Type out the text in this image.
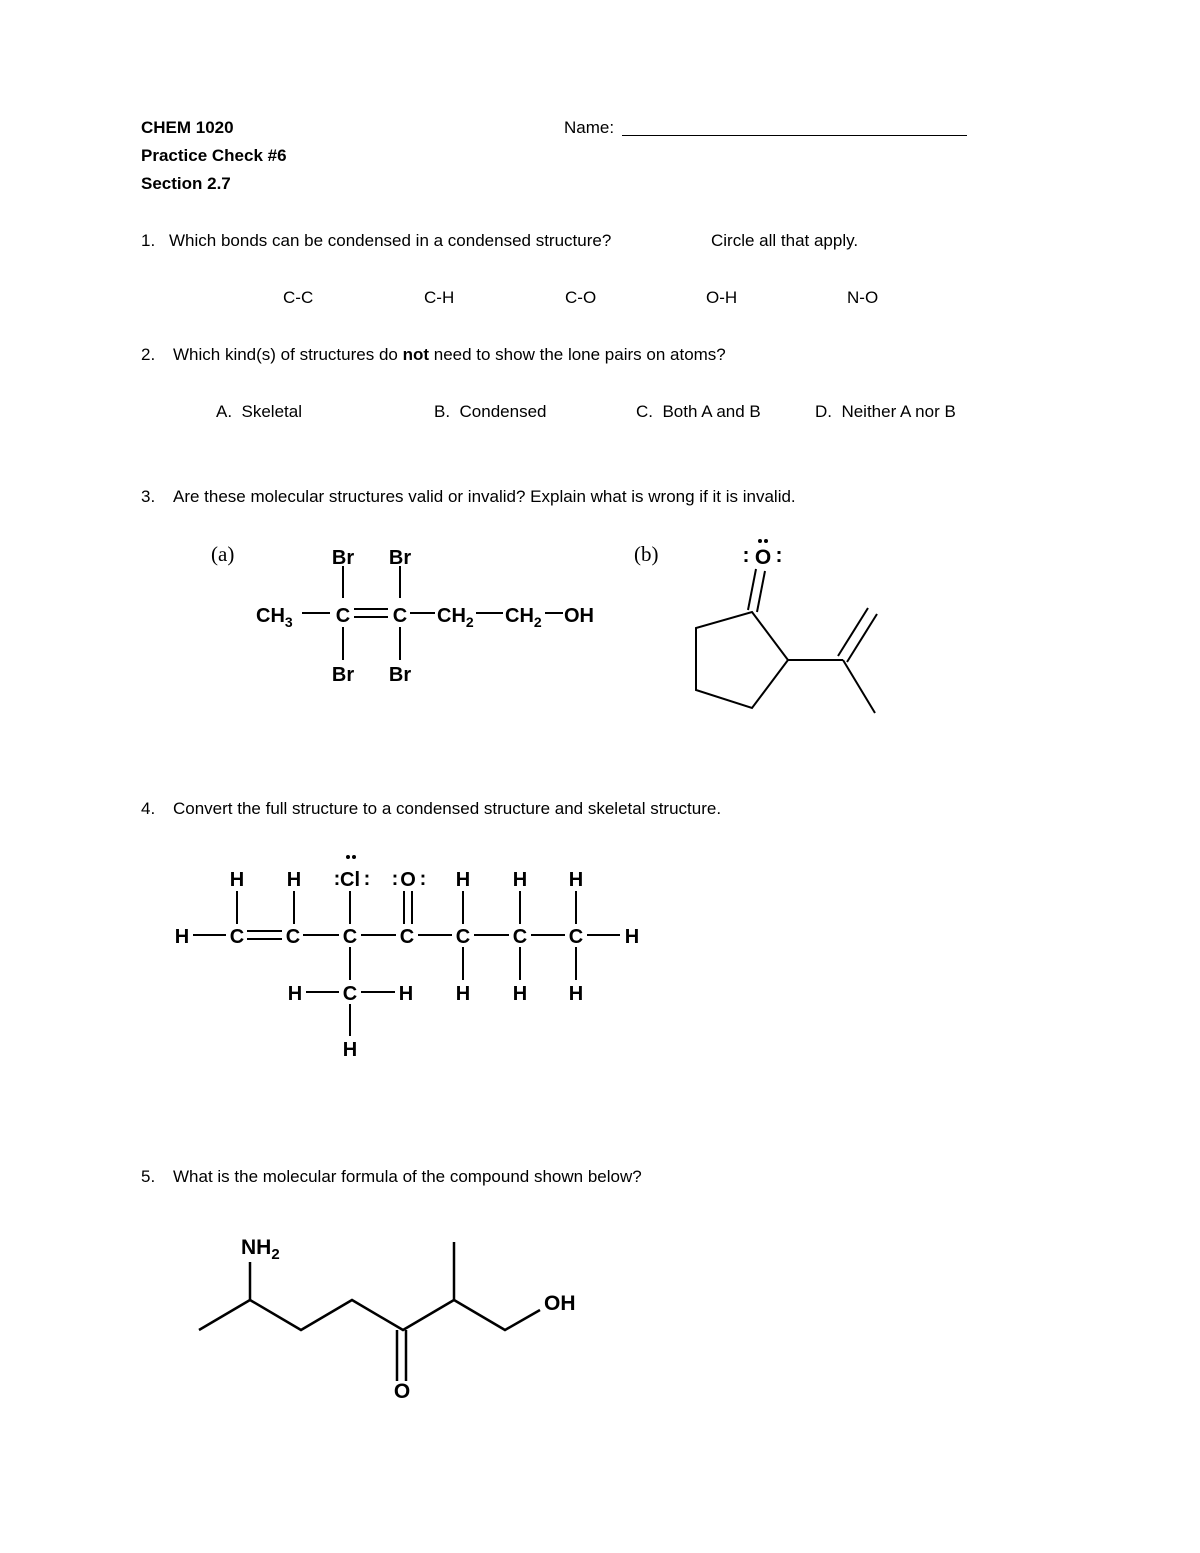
CHEM 1020
Practice Check #6
Section 2.7
Name:
1. Which bonds can be condensed in a condensed structure?	Circle all that apply.
C-C	C-H	C-O	O-H	N-O
2. Which kind(s) of structures do not need to show the lone pairs on atoms?
A. Skeletal	B. Condensed	C. Both A and B	D. Neither A nor B
3. Are these molecular structures valid or invalid? Explain what is wrong if it is invalid.
(a)	(b)
Br Br
Br Br
$CH_3$ C C $CH_2$ $CH_2$ OH
O
: :
4. Convert the full structure to a condensed structure and skeletal structure.
H H Cl
: : O
: : H H H
H C C C C C C C H
H C H H H H
H
5. What is the molecular formula of the compound shown below?
$NH_2$
OH
O
